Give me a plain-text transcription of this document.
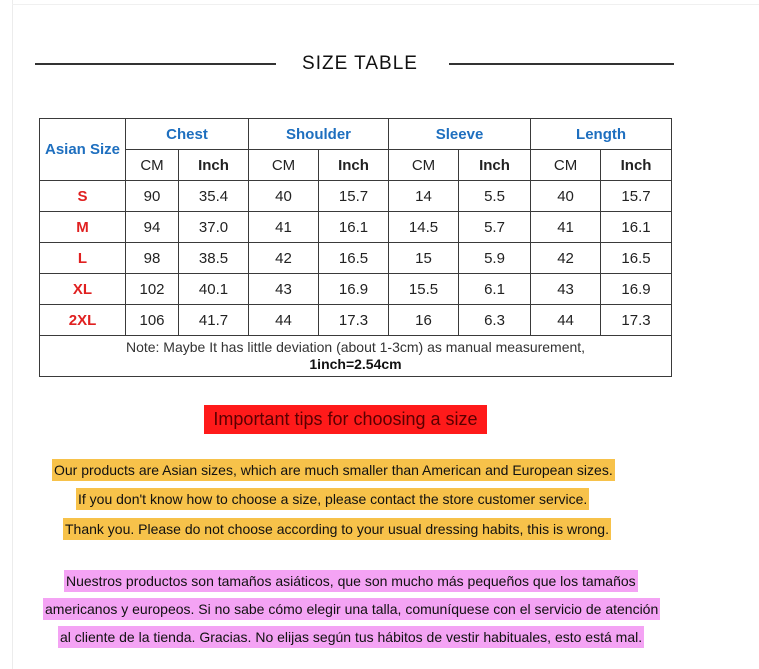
SIZE TABLE
Asian Size	Chest		Shoulder		Sleeve		Length	
	CM	Inch	CM	Inch	CM	Inch	CM	Inch
S	90	35.4	40	15.7	14	5.5	40	15.7
M	94	37.0	41	16.1	14.5	5.7	41	16.1
L	98	38.5	42	16.5	15	5.9	42	16.5
XL	102	40.1	43	16.9	15.5	6.1	43	16.9
2XL	106	41.7	44	17.3	16	6.3	44	17.3

Note: Maybe It has little deviation (about 1-3cm) as manual measurement,
1inch=2.54cm								
Important tips for choosing a size
Our products are Asian sizes, which are much smaller than American and European sizes.
If you don't know how to choose a size, please contact the store customer service.
Thank you. Please do not choose according to your usual dressing habits, this is wrong.
Nuestros productos son tamaños asiáticos, que son mucho más pequeños que los tamaños
americanos y europeos. Si no sabe cómo elegir una talla, comuníquese con el servicio de atención
al cliente de la tienda. Gracias. No elijas según tus hábitos de vestir habituales, esto está mal.
